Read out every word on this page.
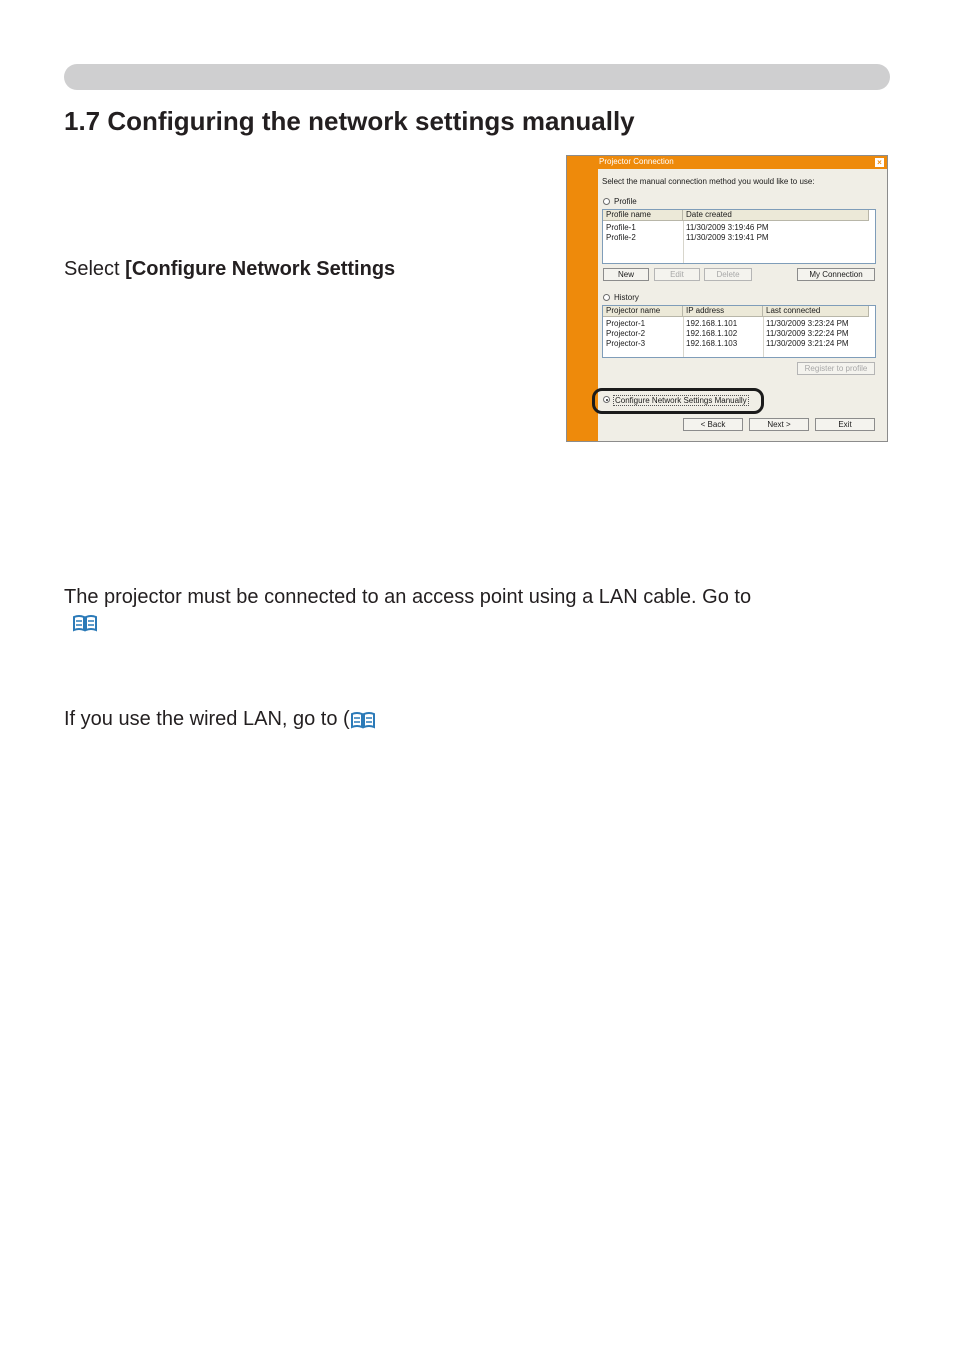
1.7 Configuring the network settings manually

Select [Configure Network Settings

The projector must be connected to an access point using a LAN cable. Go to

If you use the wired LAN, go to (

Projector Connection	×
Select the manual connection method you would like to use:
Profile
Profile name	Date created
Profile-1	11/30/2009 3:19:46 PM
Profile-2	11/30/2009 3:19:41 PM
New	Edit	Delete	My Connection
History
Projector name	IP address	Last connected
Projector-1	192.168.1.101	11/30/2009 3:23:24 PM
Projector-2	192.168.1.102	11/30/2009 3:22:24 PM
Projector-3	192.168.1.103	11/30/2009 3:21:24 PM
Register to profile
Configure Network Settings Manually
< Back	Next >	Exit
